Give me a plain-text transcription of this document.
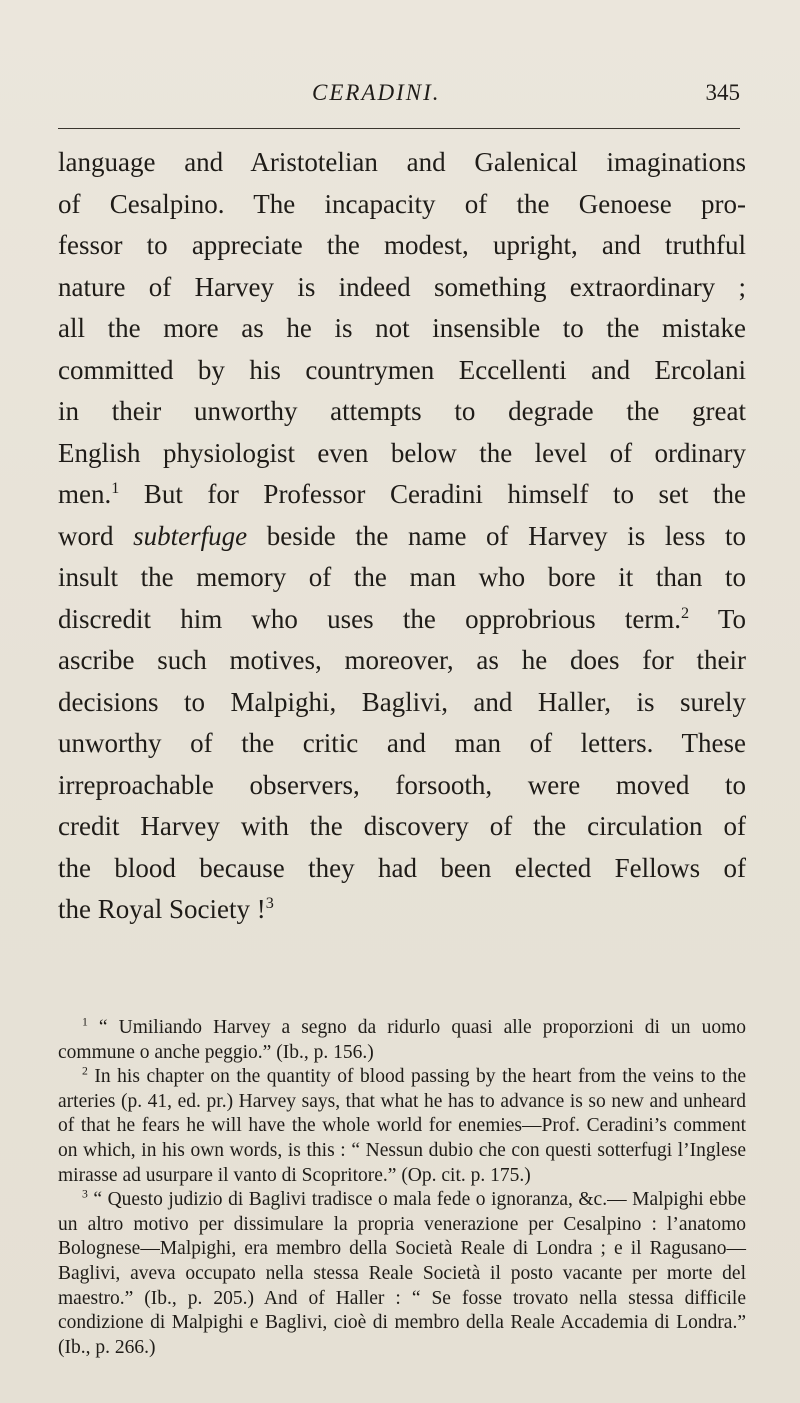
CERADINI.	345
language and Aristotelian and Galenical imaginations
of Cesalpino. The incapacity of the Genoese pro-
fessor to appreciate the modest, upright, and truthful
nature of Harvey is indeed something extraordinary ;
all the more as he is not insensible to the mistake
committed by his countrymen Eccellenti and Ercolani
in their unworthy attempts to degrade the great
English physiologist even below the level of ordinary
men.$^1$ But for Professor Ceradini himself to set the
word subterfuge beside the name of Harvey is less to
insult the memory of the man who bore it than to
discredit him who uses the opprobrious term.$^2$ To
ascribe such motives, moreover, as he does for their
decisions to Malpighi, Baglivi, and Haller, is surely
unworthy of the critic and man of letters. These
irreproachable observers, forsooth, were moved to
credit Harvey with the discovery of the circulation of
the blood because they had been elected Fellows of
the Royal Society !$^3$

$^1$ “ Umiliando Harvey a segno da ridurlo quasi alle proporzioni di un uomo commune o anche peggio.” (Ib., p. 156.)

$^2$ In his chapter on the quantity of blood passing by the heart from the veins to the arteries (p. 41, ed. pr.) Harvey says, that what he has to advance is so new and unheard of that he fears he will have the whole world for enemies—Prof. Ceradini’s comment on which, in his own words, is this : “ Nessun dubio che con questi sotterfugi l’Inglese mirasse ad usurpare il vanto di Scopritore.” (Op. cit. p. 175.)

$^3$ “ Questo judizio di Baglivi tradisce o mala fede o ignoranza, &c.— Malpighi ebbe un altro motivo per dissimulare la propria venerazione per Cesalpino : l’anatomo Bolognese—Malpighi, era membro della Società Reale di Londra ; e il Ragusano—Baglivi, aveva occupato nella stessa Reale Società il posto vacante per morte del maestro.” (Ib., p. 205.) And of Haller : “ Se fosse trovato nella stessa difficile condizione di Malpighi e Baglivi, cioè di membro della Reale Accademia di Londra.” (Ib., p. 266.)
